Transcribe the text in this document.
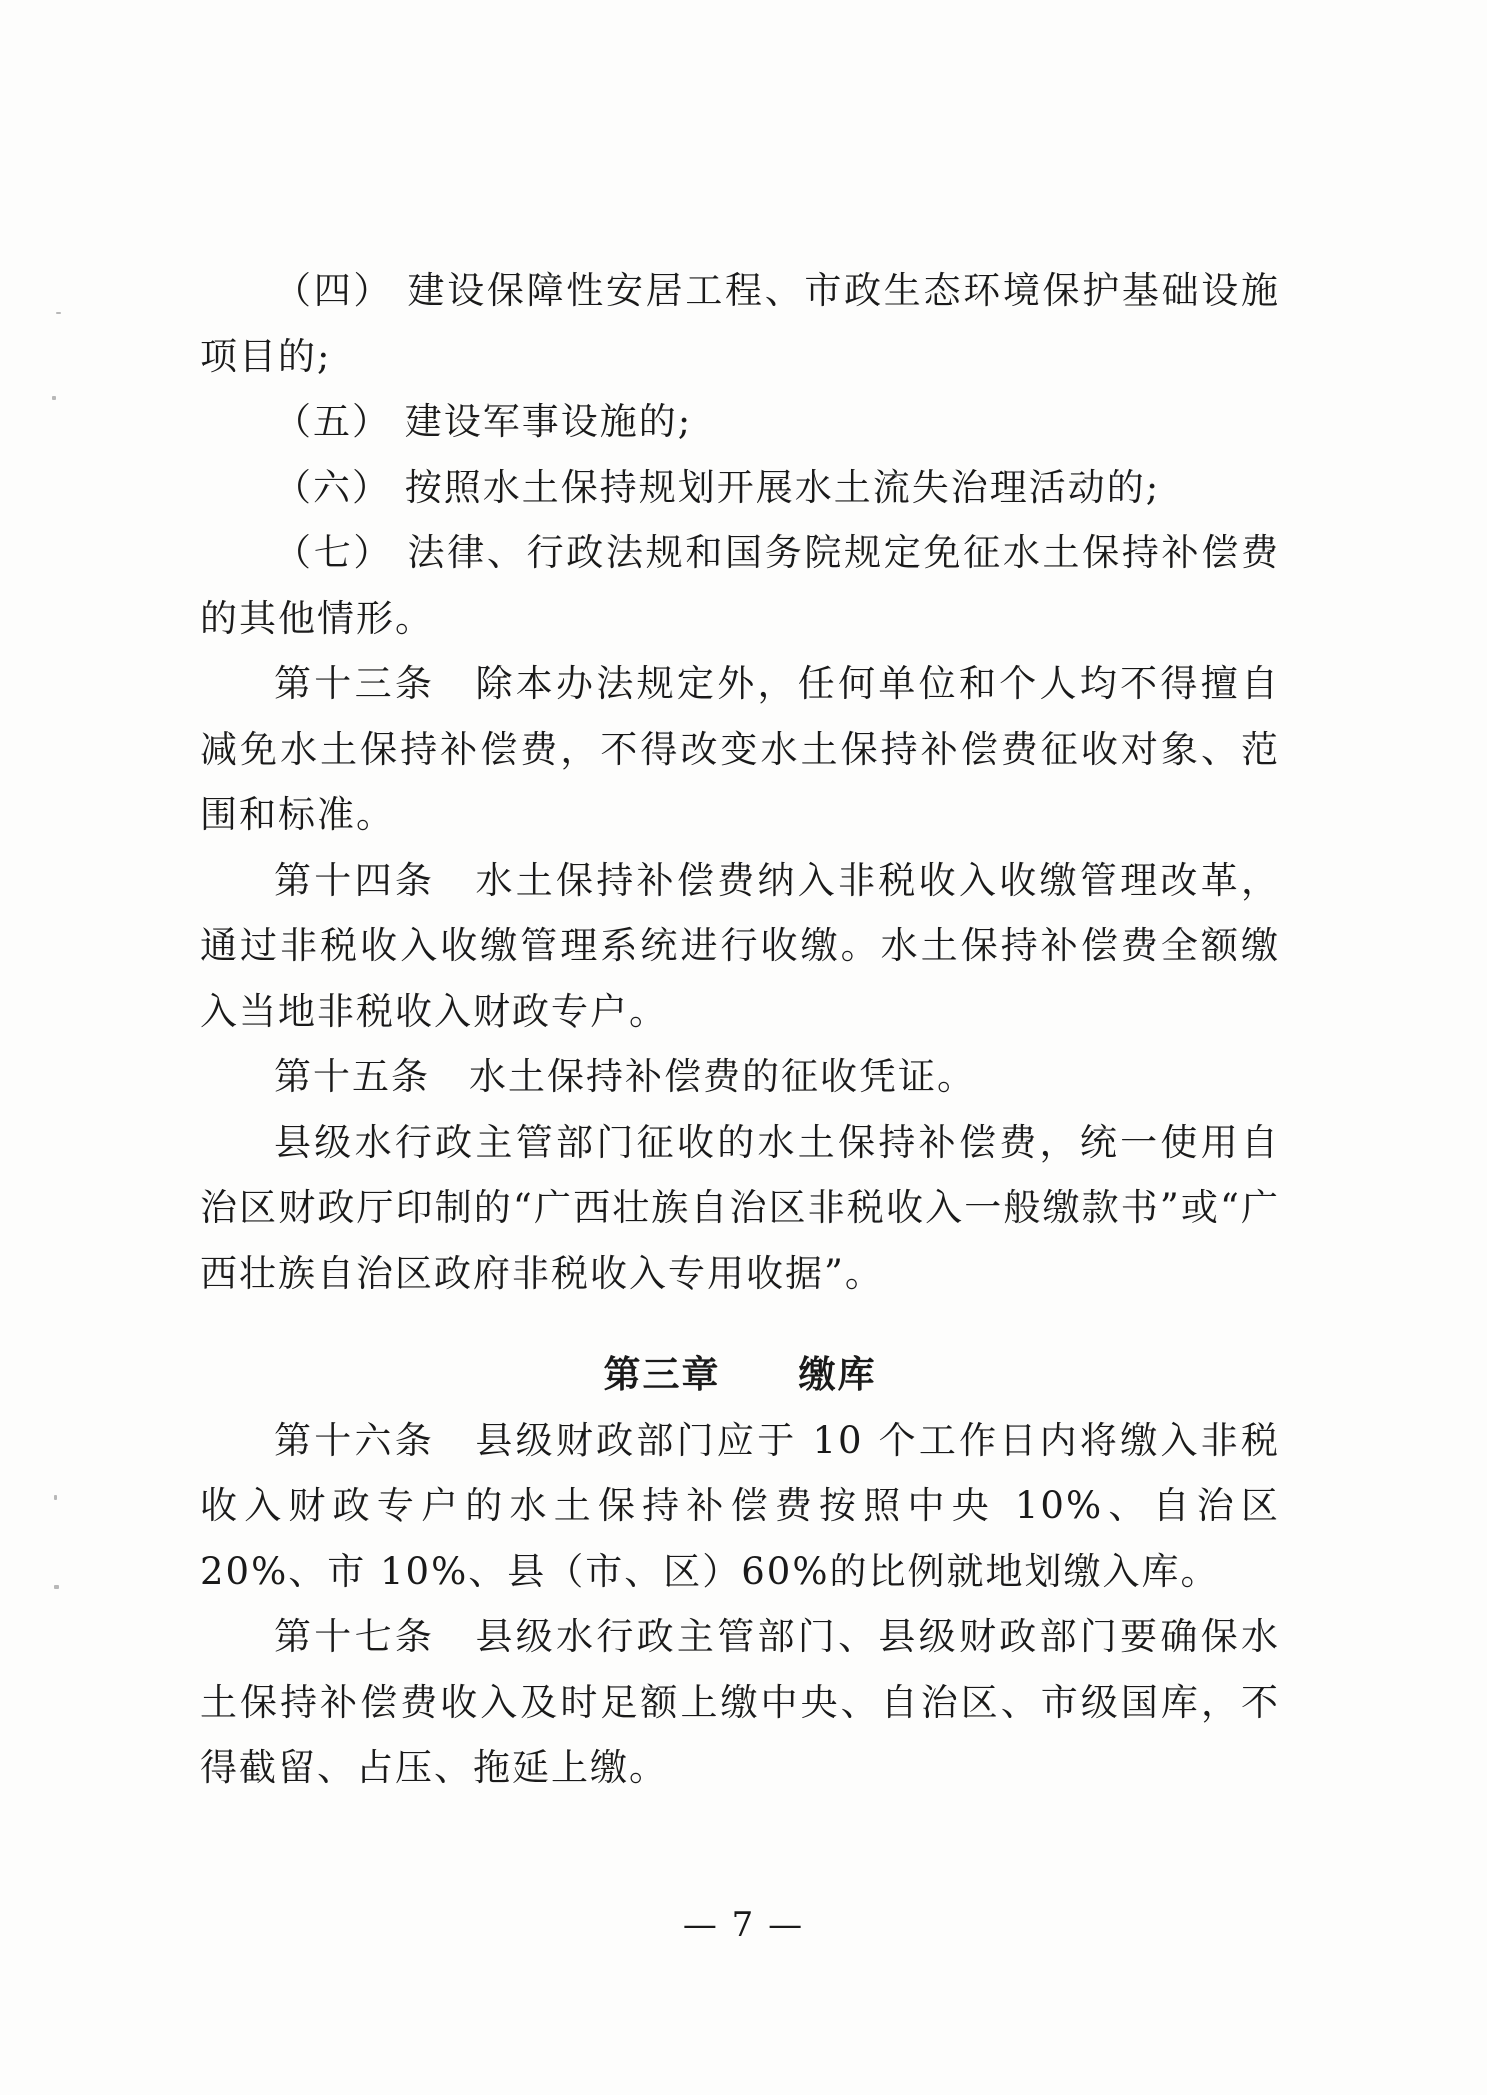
（四） 建设保障性安居工程、市政生态环境保护基础设施项目的;

（五） 建设军事设施的;

（六） 按照水土保持规划开展水土流失治理活动的;

（七） 法律、行政法规和国务院规定免征水土保持补偿费的其他情形。

第十三条　除本办法规定外，任何单位和个人均不得擅自减免水土保持补偿费，不得改变水土保持补偿费征收对象、范围和标准。

第十四条　水土保持补偿费纳入非税收入收缴管理改革，通过非税收入收缴管理系统进行收缴。水土保持补偿费全额缴入当地非税收入财政专户。

第十五条　水土保持补偿费的征收凭证。

县级水行政主管部门征收的水土保持补偿费，统一使用自治区财政厅印制的“广西壮族自治区非税收入一般缴款书”或“广西壮族自治区政府非税收入专用收据”。

第三章　　缴库

第十六条　县级财政部门应于 10 个工作日内将缴入非税收入财政专户的水土保持补偿费按照中央 10%、自治区 20%、市 10%、县（市、区）60%的比例就地划缴入库。

第十七条　县级水行政主管部门、县级财政部门要确保水土保持补偿费收入及时足额上缴中央、自治区、市级国库，不得截留、占压、拖延上缴。

— 7 —
